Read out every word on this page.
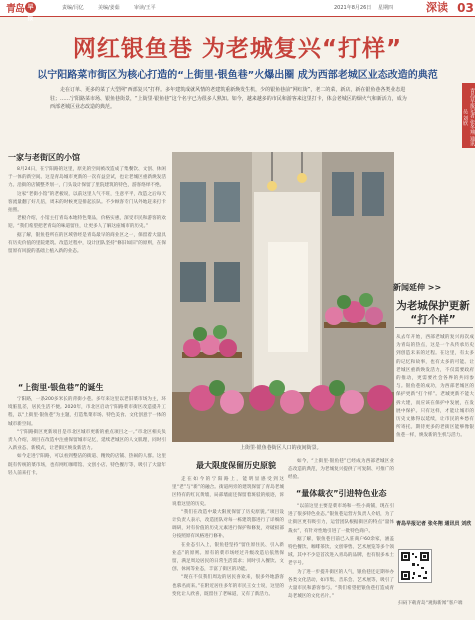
青岛 早报
责编/闫亿	美编/姜茹	审读/王平	2021年8月26日 星期四	深读 03
网红银鱼巷 为老城复兴“打样”
以宁阳路菜市街区为核心打造的“上街里·银鱼巷”火爆出圈 成为西部老城区业态改造的典范
走在订单、更多的菜了大型网“西部复兴”打样。多年建筑成就风情的老建筑重新焕发生机，少的银鱼巷前“网红街”，老二的菜，新店，新在银鱼巷各类业态进驻；……宁阳路菜市场、银鱼巷街景，“上街里·银鱼巷”这个名字已为很多人熟知。如今，越来越多的市民和游客来这里打卡，体会老城区的烟火气和新活力，成为西部老城区业态改造的典范。	青岛早报记者 张冬翔 通讯员 刘欣
一家与老街区的小馆

8月24日，在宁阳路的这里，原先的空间被改造成了集餐饮、文创、休闲于一体的新空间。这是青岛城市更新的一次有益尝试，也让老城区重新焕发活力。沿街的店铺整齐划一，门头设计保留了里院建筑的特色，游客络绎不绝。

这家“老街小馆”的老板说，以前这里人气不旺，生意平平，改造之后每天客流量翻了好几倍，周末的时候更是排起长队。不少顾客专门从外地赶来打卡拍照。

老板介绍，小馆主打青岛本地特色菜品，价格实惠，深受市民和游客的欢迎。“我们希望把老青岛的味道留住，让更多人了解这座城市的历史。”

据了解，银鱼巷所在的区域曾经是青岛最早的商业区之一，保留着大量具有历史价值的里院建筑。改造过程中，设计团队坚持“修旧如旧”的原则，在保留原有风貌的基础上植入新的业态。

“上街里·银鱼巷”的诞生

宁阳路，一条200多米长的背街小巷。多年来这里以老旧菜市场为主，环境脏乱差，居民生活不便。2020年，市北区启动宁阳路菜市街区改造提升工程，以“上街里·银鱼巷”为主题，打造集菜市场、特色美食、文化创意于一体的城市新空间。

“宁阳路街区更新项目是市北区城市更新的重点项目之一。”市北区相关负责人介绍，项目在改造中注重保留城市记忆，延续老城区的人文肌理，同时引入新业态、新模式，让老街区焕发新活力。

如今走进宁阳路，可以看到整洁的街道、精致的店铺、热闹的人群。这里既有传统的菜市场，也有网红咖啡馆、文创小店、特色餐厅等，吸引了大量年轻人前来打卡。

上街里·银鱼巷街区人口的夜间街景。
最大限度保留历史原貌

走在如今的宁阳路上，能明显感受到这里“老”与“新”的融合。街道两旁的建筑保留了青岛老城区特有的红瓦黄墙，局部墙面还保留着斑驳的痕迹，诉说着这里的历史。

“我们在改造中最大限度保留了历史原貌。”项目设计负责人表示，改造团队对每一栋建筑都进行了详细的调研，对有价值的历史元素进行保护和修复，对破损部分按照原有风格进行修补。

在业态引入上，银鱼巷坚持“留住原住民、引入新业态”的原则。原有的菜市场经过升级改造后依然保留，满足周边居民的日常生活需求；同时引入餐饮、文创、休闲等业态，丰富了街区的功能。

“现在不仅我们周边的居民喜欢来，很多外地游客也慕名而来。”在附近居住多年的市民王女士说，这里的变化让人欣喜，既留住了老味道，又有了新活力。

“量体裁衣”引进特色业态

如今，“上街里·银鱼巷”已经成为西部老城区业态改造的典范，为老城复兴提供了可复制、可推广的经验。

“以前这里主要是菜市场和一些小商铺，现在引进了很多特色业态。”银鱼巷运营方负责人介绍，为了让街区更有吸引力，运营团队根据街区的特点“量体裁衣”，有针对性地引进了一批特色商户。

据了解，银鱼巷目前已入驻商户60余家，涵盖特色餐饮、咖啡茶饮、文创零售、艺术展览等多个领域。其中不少是首次进入青岛的品牌，也有很多本土老字号。

为了进一步提升街区的人气，银鱼巷还定期举办各类文化活动，如市集、音乐会、艺术展等，吸引了大量市民和游客参与。“我们希望把银鱼巷打造成青岛老城区的文化名片。”

新闻延伸 >>
为老城保护更新
“打个样”
从去年开始，西部老城的复兴再次成为青岛的热点，这是一个从传承历史到创造未来的过程。在这里，有太多的记忆和故事，也有太多的可能。让老城区重新焕发活力，不仅需要政府的推动，更需要社会各界的共同参与。银鱼巷的成功，为西部老城区的保护更新“打个样”。老城更新不能大拆大建，而应该在保护中发展，在发展中保护。只有这样，才能让城市的历史文脉得以延续，让市民的乡愁有所寄托。期待更多的老街区能够像银鱼巷一样，焕发新的生机与活力。
青岛早报记者 张冬翔 通讯员 刘欣
扫码下载青岛“观海新闻”客户端
